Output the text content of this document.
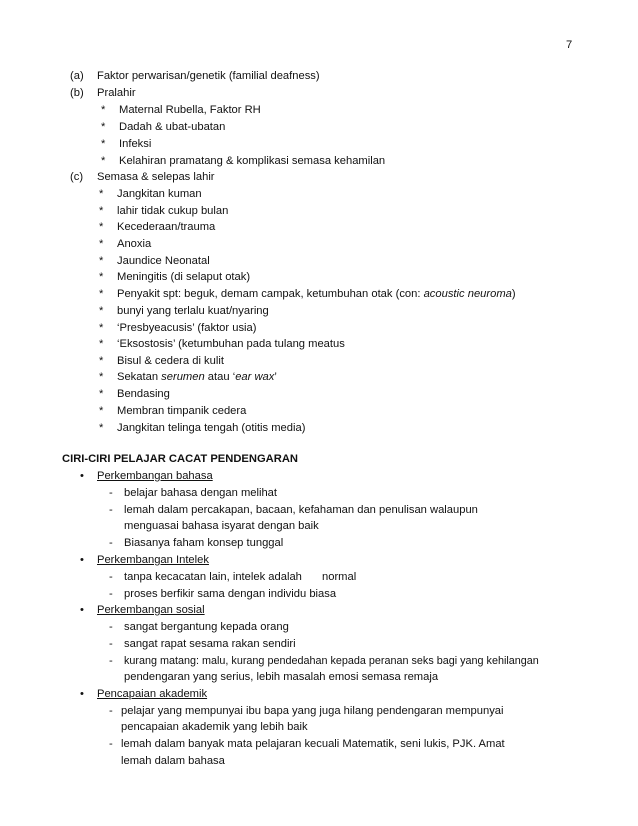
7
(a) Faktor perwarisan/genetik (familial deafness)
(b) Pralahir
* Maternal Rubella, Faktor RH
* Dadah & ubat-ubatan
* Infeksi
* Kelahiran pramatang & komplikasi semasa kehamilan
(c) Semasa & selepas lahir
* Jangkitan kuman
* lahir tidak cukup bulan
* Kecederaan/trauma
* Anoxia
* Jaundice Neonatal
* Meningitis (di selaput otak)
* Penyakit spt: beguk, demam campak, ketumbuhan otak (con: acoustic neuroma)
* bunyi yang terlalu kuat/nyaring
* ‘Presbyeacusis’ (faktor usia)
* ‘Eksostosis’ (ketumbuhan pada tulang meatus
* Bisul & cedera di kulit
* Sekatan serumen atau ‘ear wax’
* Bendasing
* Membran timpanik cedera
* Jangkitan telinga tengah (otitis media)
CIRI-CIRI PELAJAR CACAT PENDENGARAN
• Perkembangan bahasa
- belajar bahasa dengan melihat
- lemah dalam percakapan, bacaan, kefahaman dan penulisan walaupun
menguasai bahasa isyarat dengan baik
- Biasanya faham konsep tunggal
• Perkembangan Intelek
- tanpa kecacatan lain, intelek adalah normal
- proses berfikir sama dengan individu biasa
• Perkembangan sosial
- sangat bergantung kepada orang
- sangat rapat sesama rakan sendiri
- kurang matang: malu, kurang pendedahan kepada peranan seks bagi yang kehilangan
pendengaran yang serius, lebih masalah emosi semasa remaja
• Pencapaian akademik
- pelajar yang mempunyai ibu bapa yang juga hilang pendengaran mempunyai
pencapaian akademik yang lebih baik
- lemah dalam banyak mata pelajaran kecuali Matematik, seni lukis, PJK. Amat
lemah dalam bahasa
